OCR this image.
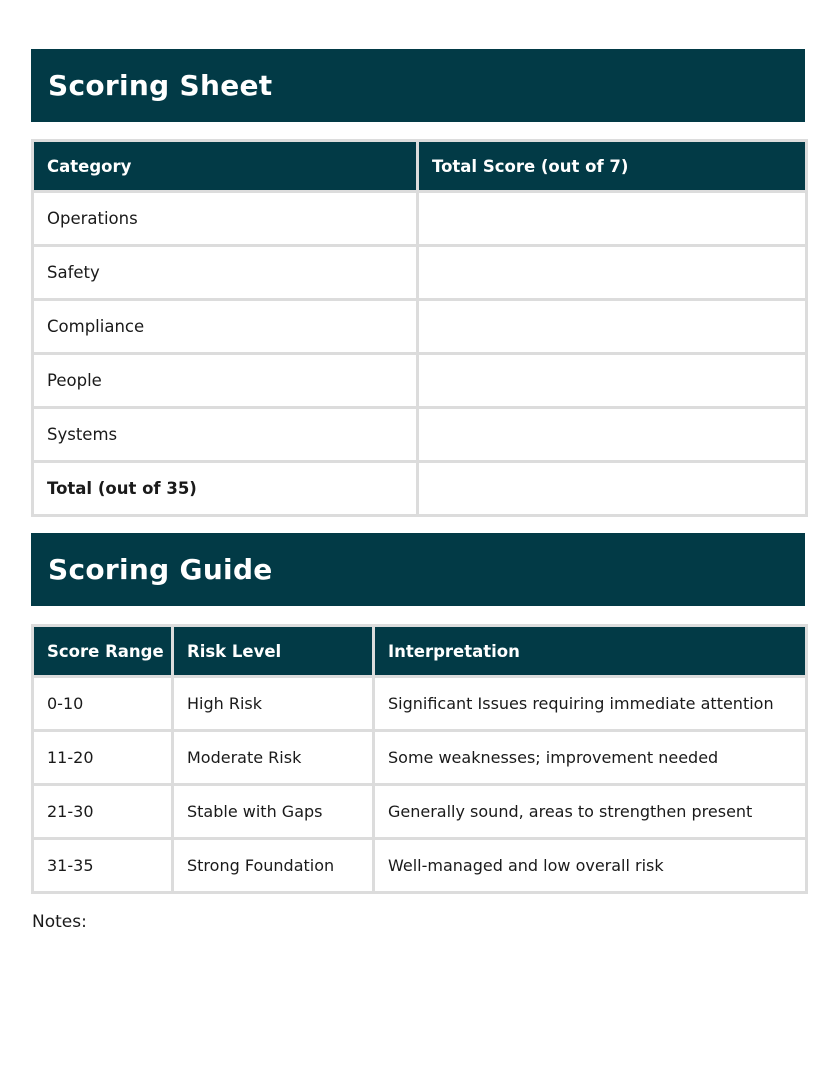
Scoring Sheet
Category	Total Score (out of 7)
Operations	
Safety	
Compliance	
People	
Systems	
Total (out of 35)	
Scoring Guide
Score Range	Risk Level	Interpretation
0-10	High Risk	Significant Issues requiring immediate attention
11-20	Moderate Risk	Some weaknesses; improvement needed
21-30	Stable with Gaps	Generally sound, areas to strengthen present
31-35	Strong Foundation	Well-managed and low overall risk
Notes:
